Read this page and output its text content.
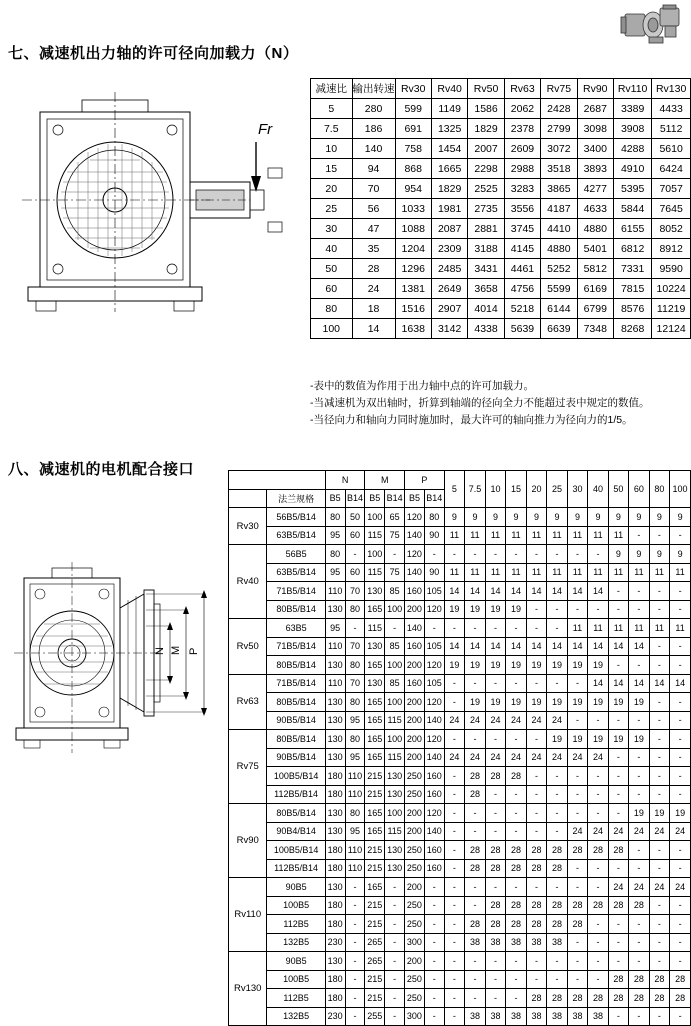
七、减速机出力轴的许可径向加载力（N）
Fr
减速比	输出转速	Rv30	Rv40	Rv50	Rv63	Rv75	Rv90	Rv110	Rv130
5	280	599	1149	1586	2062	2428	2687	3389	4433
7.5	186	691	1325	1829	2378	2799	3098	3908	5112
10	140	758	1454	2007	2609	3072	3400	4288	5610
15	94	868	1665	2298	2988	3518	3893	4910	6424
20	70	954	1829	2525	3283	3865	4277	5395	7057
25	56	1033	1981	2735	3556	4187	4633	5844	7645
30	47	1088	2087	2881	3745	4410	4880	6155	8052
40	35	1204	2309	3188	4145	4880	5401	6812	8912
50	28	1296	2485	3431	4461	5252	5812	7331	9590
60	24	1381	2649	3658	4756	5599	6169	7815	10224
80	18	1516	2907	4014	5218	6144	6799	8576	11219
100	14	1638	3142	4338	5639	6639	7348	8268	12124
-表中的数值为作用于出力轴中点的许可加载力。
-当减速机为双出轴时，折算到轴端的径向全力不能超过表中规定的数值。
-当径向力和轴向力同时施加时，最大许可的轴向推力为径向力的1/5。
八、减速机的电机配合接口
N M P
		N		M		P		5	7.5	10	15	20	25	30	40	50	60	80	100
	法兰规格	B5	B14	B5	B14	B5	B14												
Rv30	56B5/B14	80	50	100	65	120	80	9	9	9	9	9	9	9	9	9	9	9	9
	63B5/B14	95	60	115	75	140	90	11	11	11	11	11	11	11	11	11	-	-	-
Rv40	56B5	80	-	100	-	120	-	-	-	-	-	-	-	-	-	9	9	9	9
	63B5/B14	95	60	115	75	140	90	11	11	11	11	11	11	11	11	11	11	11	11
	71B5/B14	110	70	130	85	160	105	14	14	14	14	14	14	14	14	-	-	-	-
	80B5/B14	130	80	165	100	200	120	19	19	19	19	-	-	-	-	-	-	-	-
Rv50	63B5	95	-	115	-	140	-	-	-	-	-	-	-	11	11	11	11	11	11
	71B5/B14	110	70	130	85	160	105	14	14	14	14	14	14	14	14	14	14	-	-
	80B5/B14	130	80	165	100	200	120	19	19	19	19	19	19	19	19	-	-	-	-
Rv63	71B5/B14	110	70	130	85	160	105	-	-	-	-	-	-	-	14	14	14	14	14
	80B5/B14	130	80	165	100	200	120	-	19	19	19	19	19	19	19	19	19	-	-
	90B5/B14	130	95	165	115	200	140	24	24	24	24	24	24	-	-	-	-	-	-
Rv75	80B5/B14	130	80	165	100	200	120	-	-	-	-	-	19	19	19	19	19	-	-
	90B5/B14	130	95	165	115	200	140	24	24	24	24	24	24	24	24	-	-	-	-
	100B5/B14	180	110	215	130	250	160	-	28	28	28	-	-	-	-	-	-	-	-
	112B5/B14	180	110	215	130	250	160	-	28	-	-	-	-	-	-	-	-	-	-
Rv90	80B5/B14	130	80	165	100	200	120	-	-	-	-	-	-	-	-	-	19	19	19
	90B4/B14	130	95	165	115	200	140	-	-	-	-	-	-	24	24	24	24	24	24
	100B5/B14	180	110	215	130	250	160	-	28	28	28	28	28	28	28	28	-	-	-
	112B5/B14	180	110	215	130	250	160	-	28	28	28	28	28	-	-	-	-	-	-
Rv110	90B5	130	-	165	-	200	-	-	-	-	-	-	-	-	-	24	24	24	24
	100B5	180	-	215	-	250	-	-	-	28	28	28	28	28	28	28	28	-	-
	112B5	180	-	215	-	250	-	-	28	28	28	28	28	28	-	-	-	-	-
	132B5	230	-	265	-	300	-	-	38	38	38	38	38	-	-	-	-	-	-
Rv130	90B5	130	-	265	-	200	-	-	-	-	-	-	-	-	-	-	-	-	-
	100B5	180	-	215	-	250	-	-	-	-	-	-	-	-	-	28	28	28	28
	112B5	180	-	215	-	250	-	-	-	-	-	28	28	28	28	28	28	28	28
	132B5	230	-	255	-	300	-	-	38	38	38	38	38	38	38	-	-	-	-
